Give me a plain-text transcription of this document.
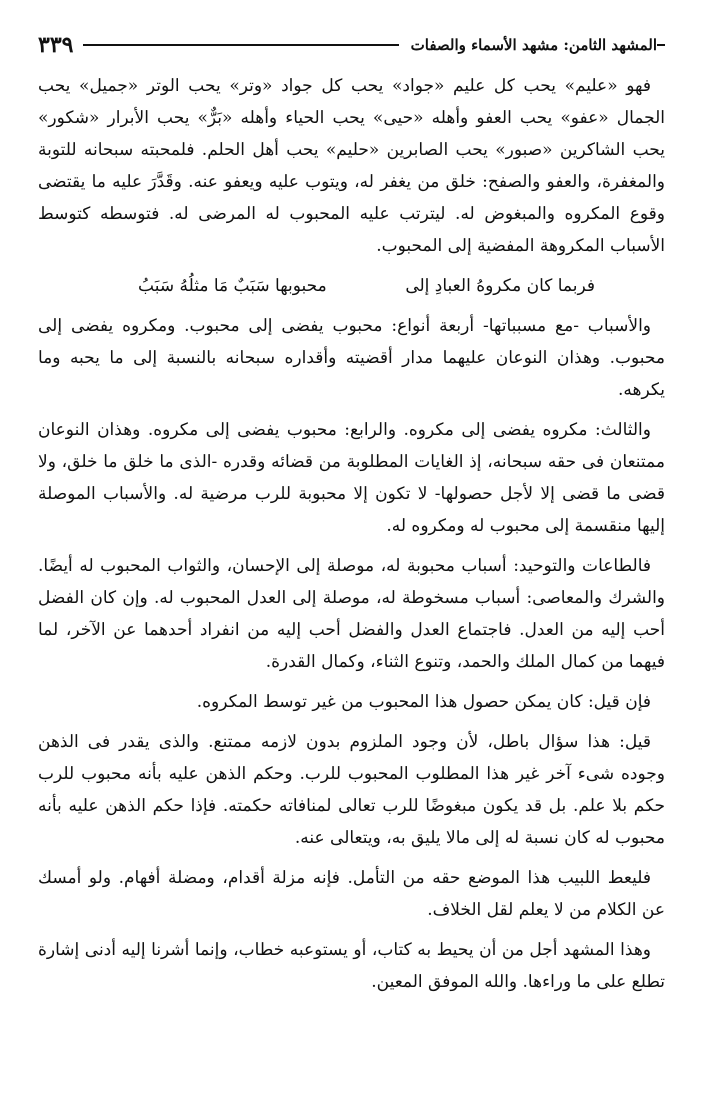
المشهد الثامن: مشهد الأسماء والصفات
٣٣٩

فهو «عليم» يحب كل عليم «جواد» يحب كل جواد «وتر» يحب الوتر «جميل» يحب الجمال «عفو» يحب العفو وأهله «حيى» يحب الحياء وأهله «بَرٌّ» يحب الأبرار «شكور» يحب الشاكرين «صبور» يحب الصابرين «حليم» يحب أهل الحلم. فلمحبته سبحانه للتوبة والمغفرة، والعفو والصفح: خلق من يغفر له، ويتوب عليه ويعفو عنه. وقَدَّرَ عليه ما يقتضى وقوع المكروه والمبغوض له. ليترتب عليه المحبوب له المرضى له. فتوسطه كتوسط الأسباب المكروهة المفضية إلى المحبوب.

فربما كان مكروهُ العبادِ إلى
محبوبها سَبَبٌ مَا مثلُهُ سَبَبُ

والأسباب -مع مسبباتها- أربعة أنواع: محبوب يفضى إلى محبوب. ومكروه يفضى إلى محبوب. وهذان النوعان عليهما مدار أقضيته وأقداره سبحانه بالنسبة إلى ما يحبه وما يكرهه.

والثالث: مكروه يفضى إلى مكروه. والرابع: محبوب يفضى إلى مكروه. وهذان النوعان ممتنعان فى حقه سبحانه، إذ الغايات المطلوبة من قضائه وقدره -الذى ما خلق ما خلق، ولا قضى ما قضى إلا لأجل حصولها- لا تكون إلا محبوبة للرب مرضية له. والأسباب الموصلة إليها منقسمة إلى محبوب له ومكروه له.

فالطاعات والتوحيد: أسباب محبوبة له، موصلة إلى الإحسان، والثواب المحبوب له أيضًا. والشرك والمعاصى: أسباب مسخوطة له، موصلة إلى العدل المحبوب له. وإن كان الفضل أحب إليه من العدل. فاجتماع العدل والفضل أحب إليه من انفراد أحدهما عن الآخر، لما فيهما من كمال الملك والحمد، وتنوع الثناء، وكمال القدرة.

فإن قيل: كان يمكن حصول هذا المحبوب من غير توسط المكروه.

قيل: هذا سؤال باطل، لأن وجود الملزوم بدون لازمه ممتنع. والذى يقدر فى الذهن وجوده شىء آخر غير هذا المطلوب المحبوب للرب. وحكم الذهن عليه بأنه محبوب للرب حكم بلا علم. بل قد يكون مبغوضًا للرب تعالى لمنافاته حكمته. فإذا حكم الذهن عليه بأنه محبوب له كان نسبة له إلى مالا يليق به، ويتعالى عنه.

فليعط اللبيب هذا الموضع حقه من التأمل. فإنه مزلة أقدام، ومضلة أفهام. ولو أمسك عن الكلام من لا يعلم لقل الخلاف.

وهذا المشهد أجل من أن يحيط به كتاب، أو يستوعبه خطاب، وإنما أشرنا إليه أدنى إشارة تطلع على ما وراءها. والله الموفق المعين.
